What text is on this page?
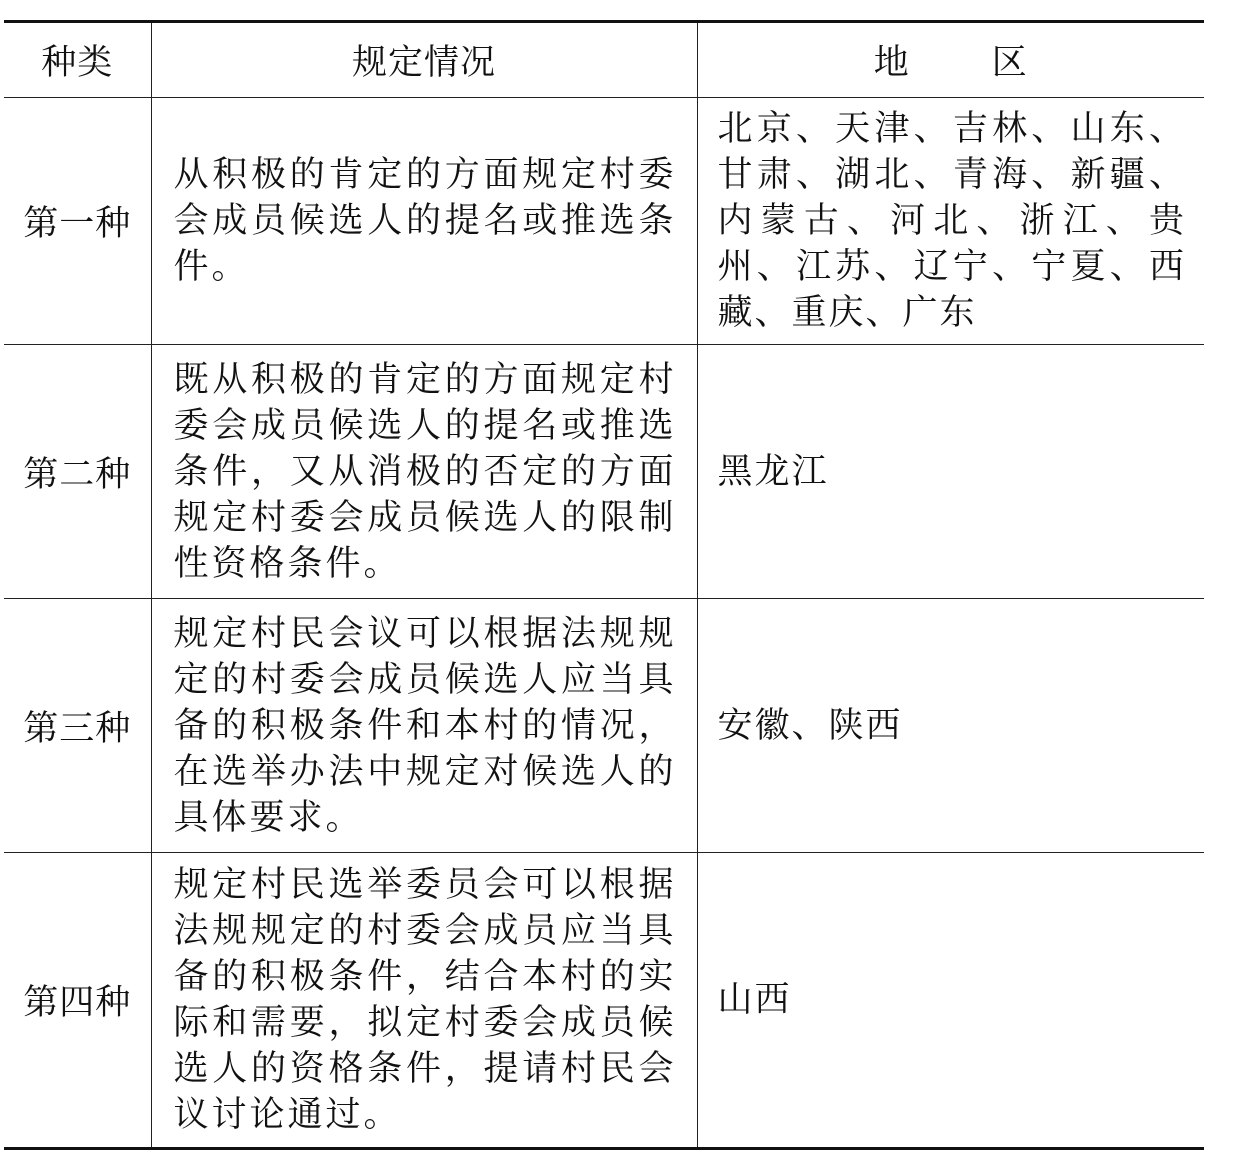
种类	规定情况	地 区
第一种	从积极的肯定的方面规定村委会成员候选人的提名或推选条件。	北京、天津、吉林、山东、甘肃、湖北、青海、新疆、内蒙古、河北、浙江、贵州、江苏、辽宁、宁夏、西藏、重庆、广东
第二种	既从积极的肯定的方面规定村委会成员候选人的提名或推选条件，又从消极的否定的方面规定村委会成员候选人的限制性资格条件。	黑龙江
第三种	规定村民会议可以根据法规规定的村委会成员候选人应当具备的积极条件和本村的情况，在选举办法中规定对候选人的具体要求。	安徽、陕西
第四种	规定村民选举委员会可以根据法规规定的村委会成员应当具备的积极条件，结合本村的实际和需要，拟定村委会成员候选人的资格条件，提请村民会议讨论通过。	山西
